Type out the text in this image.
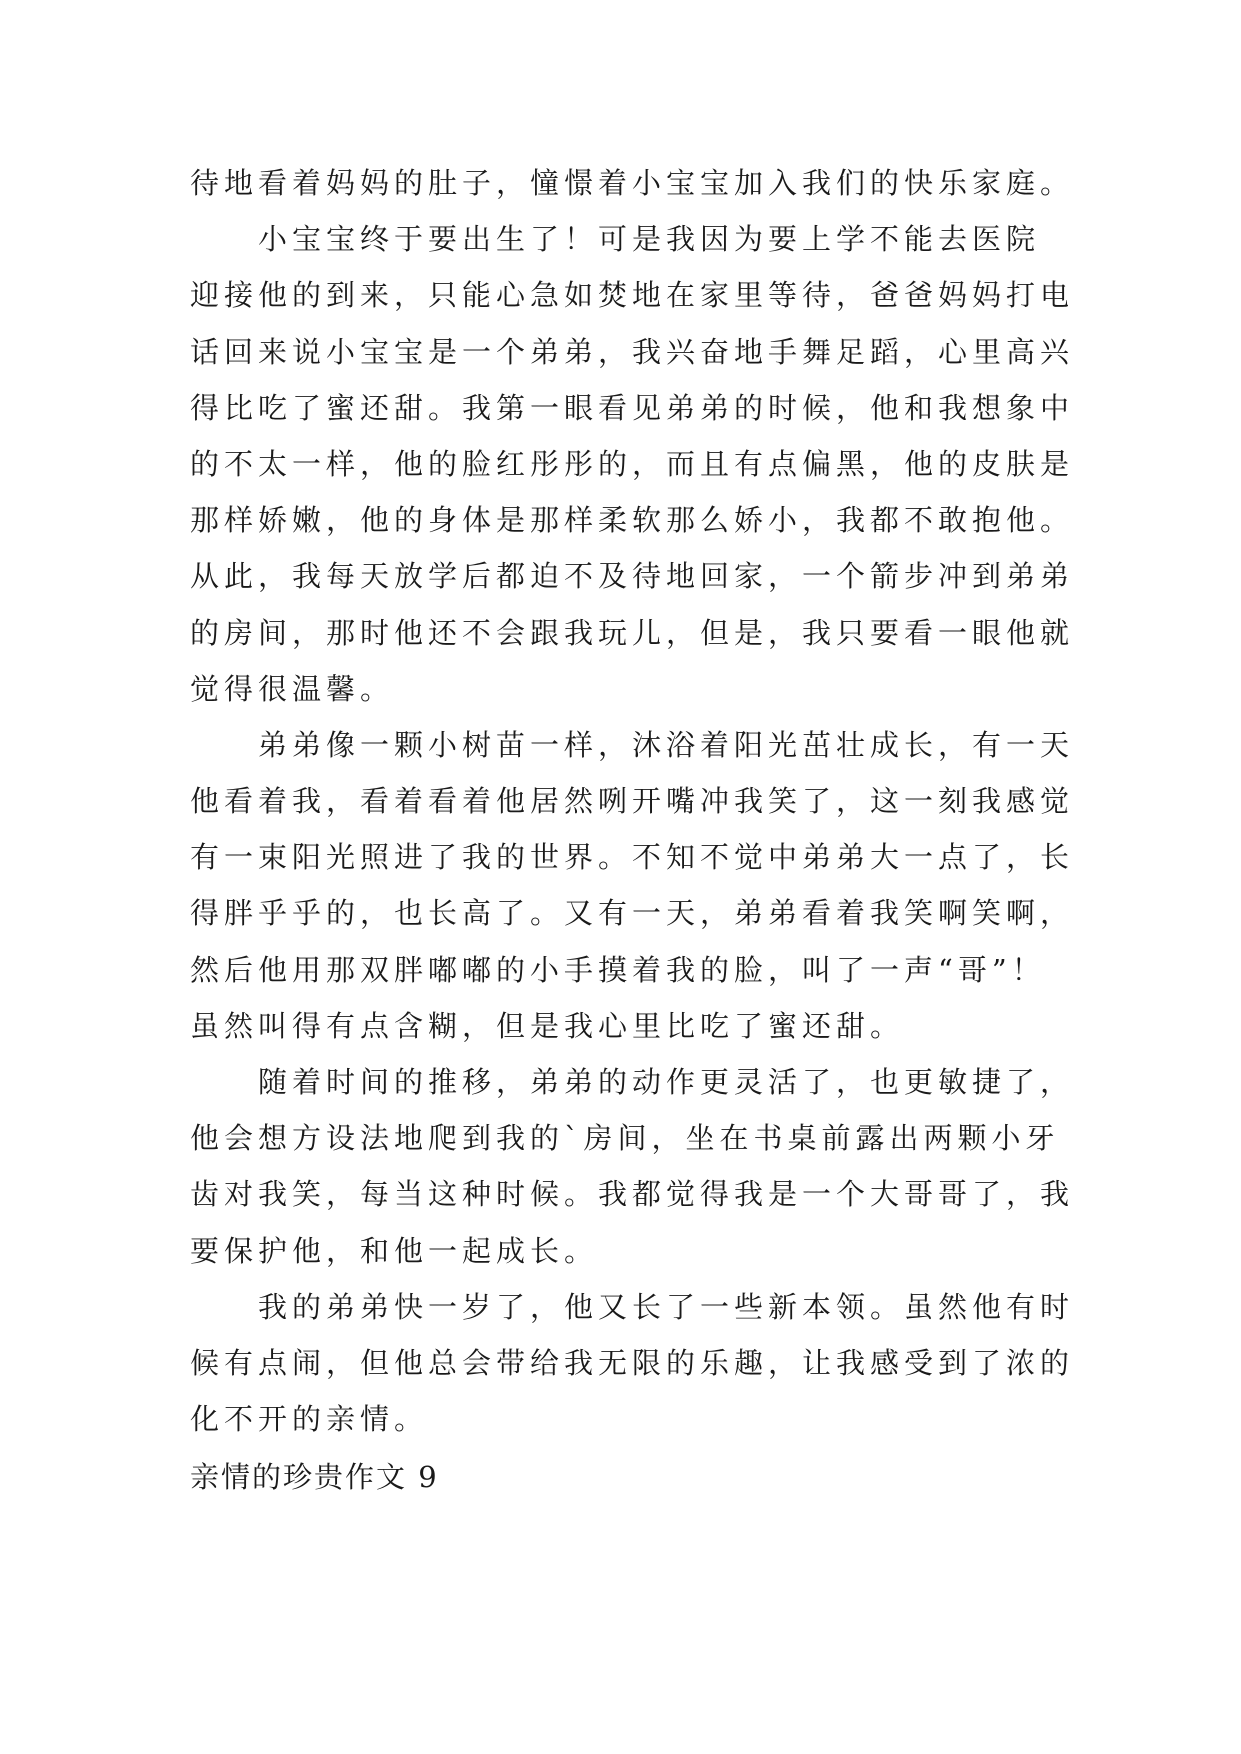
待地看着妈妈的肚子，憧憬着小宝宝加入我们的快乐家庭。
小宝宝终于要出生了！可是我因为要上学不能去医院
迎接他的到来，只能心急如焚地在家里等待，爸爸妈妈打电
话回来说小宝宝是一个弟弟，我兴奋地手舞足蹈，心里高兴
得比吃了蜜还甜。我第一眼看见弟弟的时候，他和我想象中
的不太一样，他的脸红彤彤的，而且有点偏黑，他的皮肤是
那样娇嫩，他的身体是那样柔软那么娇小，我都不敢抱他。
从此，我每天放学后都迫不及待地回家，一个箭步冲到弟弟
的房间，那时他还不会跟我玩儿，但是，我只要看一眼他就
觉得很温馨。
弟弟像一颗小树苗一样，沐浴着阳光茁壮成长，有一天
他看着我，看着看着他居然咧开嘴冲我笑了，这一刻我感觉
有一束阳光照进了我的世界。不知不觉中弟弟大一点了，长
得胖乎乎的，也长高了。又有一天，弟弟看着我笑啊笑啊，
然后他用那双胖嘟嘟的小手摸着我的脸，叫了一声“哥”！
虽然叫得有点含糊，但是我心里比吃了蜜还甜。
随着时间的推移，弟弟的动作更灵活了，也更敏捷了，
他会想方设法地爬到我的`房间，坐在书桌前露出两颗小牙
齿对我笑，每当这种时候。我都觉得我是一个大哥哥了，我
要保护他，和他一起成长。
我的弟弟快一岁了，他又长了一些新本领。虽然他有时
候有点闹，但他总会带给我无限的乐趣，让我感受到了浓的
化不开的亲情。
亲情的珍贵作文 9
